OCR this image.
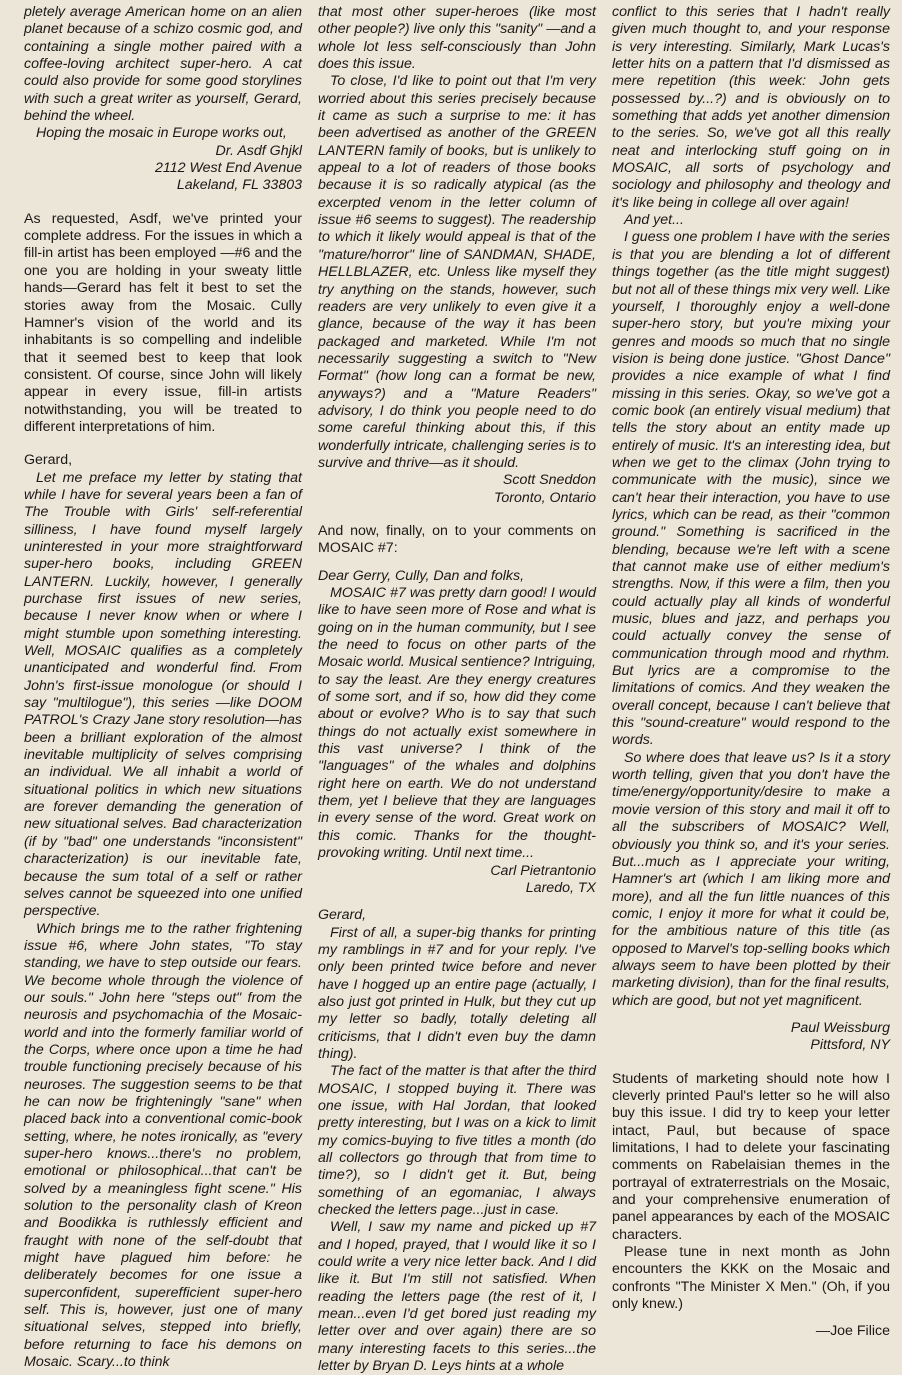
pletely average American home on an alien planet because of a schizo cosmic god, and containing a single mother paired with a coffee-loving architect super-hero. A cat could also provide for some good storylines with such a great writer as yourself, Gerard, behind the wheel.

Hoping the mosaic in Europe works out,

Dr. Asdf Ghjkl

2112 West End Avenue

Lakeland, FL 33803

As requested, Asdf, we've printed your complete address. For the issues in which a fill-in artist has been employed —#6 and the one you are holding in your sweaty little hands—Gerard has felt it best to set the stories away from the Mosaic. Cully Hamner's vision of the world and its inhabitants is so compelling and indelible that it seemed best to keep that look consistent. Of course, since John will likely appear in every issue, fill-in artists notwithstanding, you will be treated to different interpretations of him.

Gerard,

Let me preface my letter by stating that while I have for several years been a fan of The Trouble with Girls' self-referential silliness, I have found myself largely uninterested in your more straightforward super-hero books, including GREEN LANTERN. Luckily, however, I generally purchase first issues of new series, because I never know when or where I might stumble upon something interesting. Well, MOSAIC qualifies as a completely unanticipated and wonderful find. From John's first-issue monologue (or should I say "multilogue"), this series —like DOOM PATROL's Crazy Jane story resolution—has been a brilliant exploration of the almost inevitable multiplicity of selves comprising an individual. We all inhabit a world of situational politics in which new situations are forever demanding the generation of new situational selves. Bad characterization (if by "bad" one understands "inconsistent" characterization) is our inevitable fate, because the sum total of a self or rather selves cannot be squeezed into one unified perspective.

Which brings me to the rather frightening issue #6, where John states, "To stay standing, we have to step outside our fears. We become whole through the violence of our souls." John here "steps out" from the neurosis and psychomachia of the Mosaic-world and into the formerly familiar world of the Corps, where once upon a time he had trouble functioning precisely because of his neuroses. The suggestion seems to be that he can now be frighteningly "sane" when placed back into a conventional comic-book setting, where, he notes ironically, as "every super-hero knows...there's no problem, emotional or philosophical...that can't be solved by a meaningless fight scene." His solution to the personality clash of Kreon and Boodikka is ruthlessly efficient and fraught with none of the self-doubt that might have plagued him before: he deliberately becomes for one issue a superconfident, superefficient super-hero self. This is, however, just one of many situational selves, stepped into briefly, before returning to face his demons on Mosaic. Scary...to think

that most other super-heroes (like most other people?) live only this "sanity" —and a whole lot less self-consciously than John does this issue.

To close, I'd like to point out that I'm very worried about this series precisely because it came as such a surprise to me: it has been advertised as another of the GREEN LANTERN family of books, but is unlikely to appeal to a lot of readers of those books because it is so radically atypical (as the excerpted venom in the letter column of issue #6 seems to suggest). The readership to which it likely would appeal is that of the "mature/horror" line of SANDMAN, SHADE, HELLBLAZER, etc. Unless like myself they try anything on the stands, however, such readers are very unlikely to even give it a glance, because of the way it has been packaged and marketed. While I'm not necessarily suggesting a switch to "New Format" (how long can a format be new, anyways?) and a "Mature Readers" advisory, I do think you people need to do some careful thinking about this, if this wonderfully intricate, challenging series is to survive and thrive—as it should.

Scott Sneddon

Toronto, Ontario

And now, finally, on to your comments on MOSAIC #7:

Dear Gerry, Cully, Dan and folks,

MOSAIC #7 was pretty darn good! I would like to have seen more of Rose and what is going on in the human community, but I see the need to focus on other parts of the Mosaic world. Musical sentience? Intriguing, to say the least. Are they energy creatures of some sort, and if so, how did they come about or evolve? Who is to say that such things do not actually exist somewhere in this vast universe? I think of the "languages" of the whales and dolphins right here on earth. We do not understand them, yet I believe that they are languages in every sense of the word. Great work on this comic. Thanks for the thought-provoking writing. Until next time...

Carl Pietrantonio

Laredo, TX

Gerard,

First of all, a super-big thanks for printing my ramblings in #7 and for your reply. I've only been printed twice before and never have I hogged up an entire page (actually, I also just got printed in Hulk, but they cut up my letter so badly, totally deleting all criticisms, that I didn't even buy the damn thing).

The fact of the matter is that after the third MOSAIC, I stopped buying it. There was one issue, with Hal Jordan, that looked pretty interesting, but I was on a kick to limit my comics-buying to five titles a month (do all collectors go through that from time to time?), so I didn't get it. But, being something of an egomaniac, I always checked the letters page...just in case.

Well, I saw my name and picked up #7 and I hoped, prayed, that I would like it so I could write a very nice letter back. And I did like it. But I'm still not satisfied. When reading the letters page (the rest of it, I mean...even I'd get bored just reading my letter over and over again) there are so many interesting facets to this series...the letter by Bryan D. Leys hints at a whole

conflict to this series that I hadn't really given much thought to, and your response is very interesting. Similarly, Mark Lucas's letter hits on a pattern that I'd dismissed as mere repetition (this week: John gets possessed by...?) and is obviously on to something that adds yet another dimension to the series. So, we've got all this really neat and interlocking stuff going on in MOSAIC, all sorts of psychology and sociology and philosophy and theology and it's like being in college all over again!

And yet...

I guess one problem I have with the series is that you are blending a lot of different things together (as the title might suggest) but not all of these things mix very well. Like yourself, I thoroughly enjoy a well-done super-hero story, but you're mixing your genres and moods so much that no single vision is being done justice. "Ghost Dance" provides a nice example of what I find missing in this series. Okay, so we've got a comic book (an entirely visual medium) that tells the story about an entity made up entirely of music. It's an interesting idea, but when we get to the climax (John trying to communicate with the music), since we can't hear their interaction, you have to use lyrics, which can be read, as their "common ground." Something is sacrificed in the blending, because we're left with a scene that cannot make use of either medium's strengths. Now, if this were a film, then you could actually play all kinds of wonderful music, blues and jazz, and perhaps you could actually convey the sense of communication through mood and rhythm. But lyrics are a compromise to the limitations of comics. And they weaken the overall concept, because I can't believe that this "sound-creature" would respond to the words.

So where does that leave us? Is it a story worth telling, given that you don't have the time/energy/opportunity/desire to make a movie version of this story and mail it off to all the subscribers of MOSAIC? Well, obviously you think so, and it's your series. But...much as I appreciate your writing, Hamner's art (which I am liking more and more), and all the fun little nuances of this comic, I enjoy it more for what it could be, for the ambitious nature of this title (as opposed to Marvel's top-selling books which always seem to have been plotted by their marketing division), than for the final results, which are good, but not yet magnificent.

Paul Weissburg

Pittsford, NY

Students of marketing should note how I cleverly printed Paul's letter so he will also buy this issue. I did try to keep your letter intact, Paul, but because of space limitations, I had to delete your fascinating comments on Rabelaisian themes in the portrayal of extraterrestrials on the Mosaic, and your comprehensive enumeration of panel appearances by each of the MOSAIC characters.

Please tune in next month as John encounters the KKK on the Mosaic and confronts "The Minister X Men." (Oh, if you only knew.)

—Joe Filice
